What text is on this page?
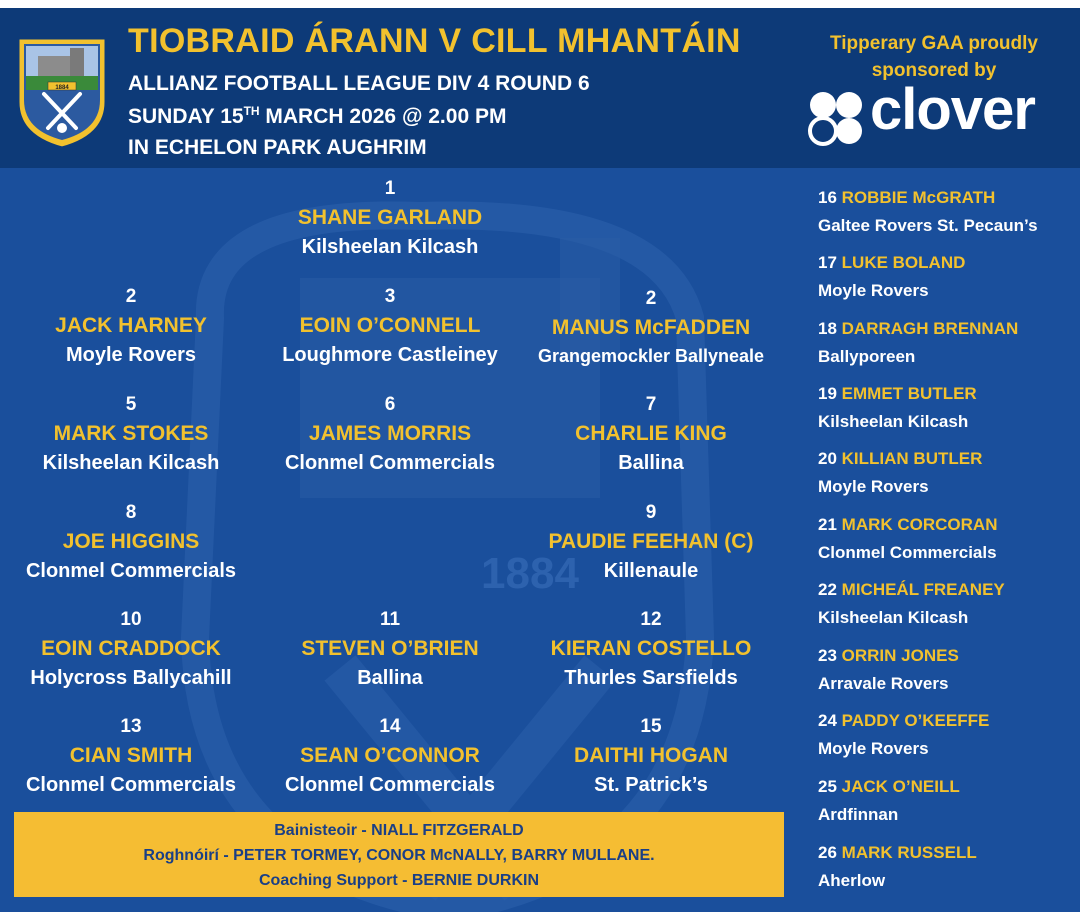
1884
TIOBRAID ÁRANN V CILL MHANTÁIN
ALLIANZ FOOTBALL LEAGUE DIV 4 ROUND 6
SUNDAY 15TH MARCH 2026 @ 2.00 PM
IN ECHELON PARK AUGHRIM
Tipperary GAA proudly
sponsored by
clover
1884
1
SHANE GARLAND
Kilsheelan Kilcash
2
JACK HARNEY
Moyle Rovers
3
EOIN O’CONNELL
Loughmore Castleiney
2
MANUS McFADDEN
Grangemockler Ballyneale
5
MARK STOKES
Kilsheelan Kilcash
6
JAMES MORRIS
Clonmel Commercials
7
CHARLIE KING
Ballina
8
JOE HIGGINS
Clonmel Commercials
9
PAUDIE FEEHAN (C)
Killenaule
10
EOIN CRADDOCK
Holycross Ballycahill
11
STEVEN O’BRIEN
Ballina
12
KIERAN COSTELLO
Thurles Sarsfields
13
CIAN SMITH
Clonmel Commercials
14
SEAN O’CONNOR
Clonmel Commercials
15
DAITHI HOGAN
St. Patrick’s
16 ROBBIE McGRATH
Galtee Rovers St. Pecaun’s
17 LUKE BOLAND
Moyle Rovers
18 DARRAGH BRENNAN
Ballyporeen
19 EMMET BUTLER
Kilsheelan Kilcash
20 KILLIAN BUTLER
Moyle Rovers
21 MARK CORCORAN
Clonmel Commercials
22 MICHEÁL FREANEY
Kilsheelan Kilcash
23 ORRIN JONES
Arravale Rovers
24 PADDY O’KEEFFE
Moyle Rovers
25 JACK O’NEILL
Ardfinnan
26 MARK RUSSELL
Aherlow
Bainisteoir - NIALL FITZGERALD
Roghnóirí - PETER TORMEY, CONOR McNALLY, BARRY MULLANE.
Coaching Support - BERNIE DURKIN
